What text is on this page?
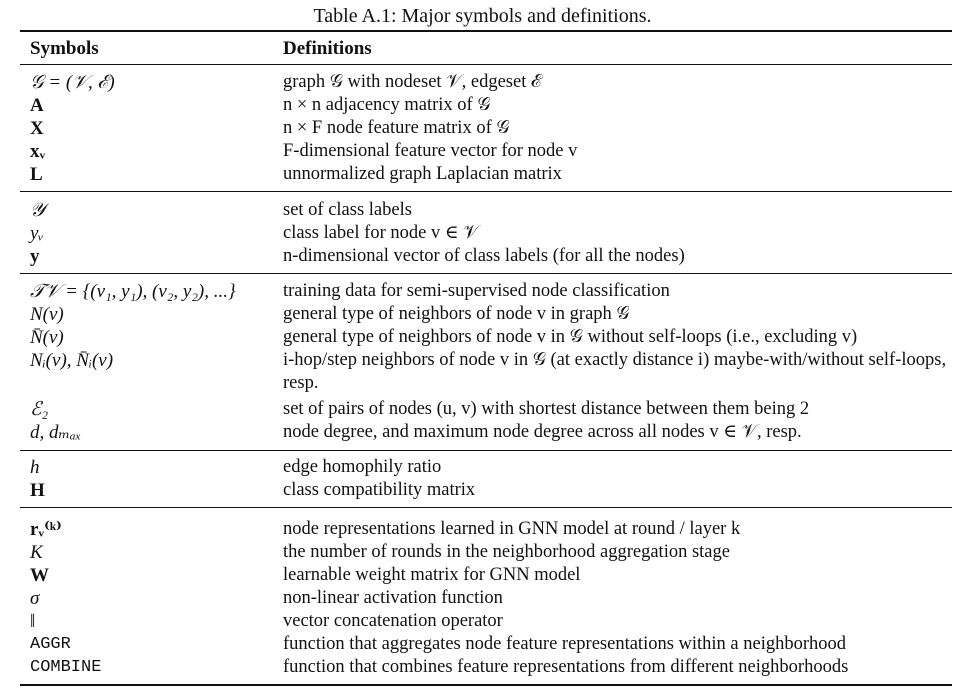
Table A.1: Major symbols and definitions.
Symbols	Definitions
𝒢 = (𝒱, ℰ)	graph 𝒢 with nodeset 𝒱, edgeset ℰ
A	n × n adjacency matrix of 𝒢
X	n × F node feature matrix of 𝒢
xᵥ	F-dimensional feature vector for node v
L	unnormalized graph Laplacian matrix
𝒴	set of class labels
yᵥ	class label for node v ∈ 𝒱
y	n-dimensional vector of class labels (for all the nodes)
𝒯𝒱 = {(v₁, y₁), (v₂, y₂), ...}	training data for semi-supervised node classification
N(v)	general type of neighbors of node v in graph 𝒢
N̄(v)	general type of neighbors of node v in 𝒢 without self-loops (i.e., excluding v)
Nᵢ(v), N̄ᵢ(v)	i-hop/step neighbors of node v in 𝒢 (at exactly distance i) maybe-with/without self-loops, resp.
ℰ₂	set of pairs of nodes (u, v) with shortest distance between them being 2
d, dₘₐₓ	node degree, and maximum node degree across all nodes v ∈ 𝒱, resp.
h	edge homophily ratio
H	class compatibility matrix
rᵥ⁽ᵏ⁾	node representations learned in GNN model at round / layer k
K	the number of rounds in the neighborhood aggregation stage
W	learnable weight matrix for GNN model
σ	non-linear activation function
‖	vector concatenation operator
AGGR	function that aggregates node feature representations within a neighborhood
COMBINE	function that combines feature representations from different neighborhoods
